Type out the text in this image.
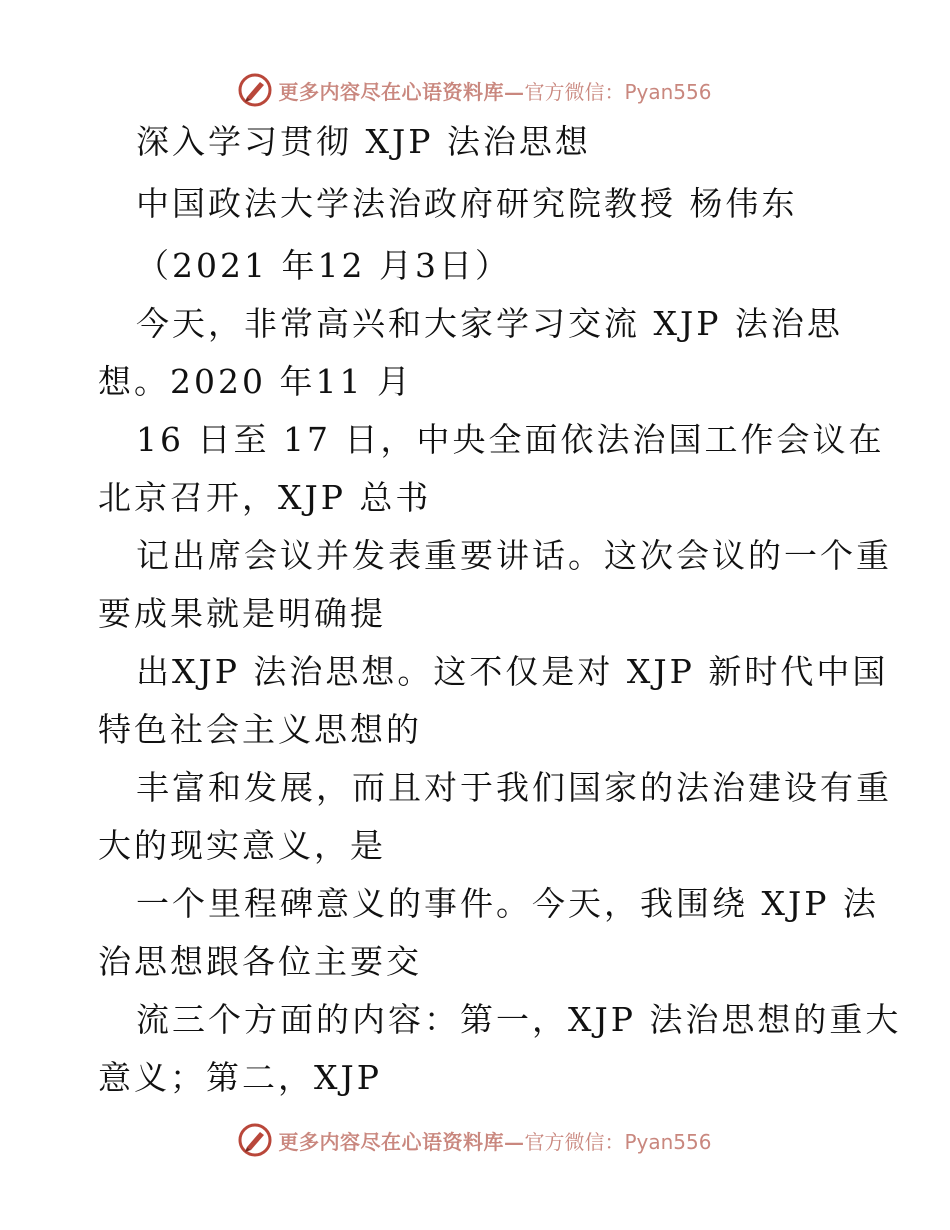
更多内容尽在心语资料库— 官方微信：Pyan556
深入学习贯彻 XJP 法治思想
中国政法大学法治政府研究院教授 杨伟东
（2021 年12 月3日）
今天，非常高兴和大家学习交流 XJP 法治思
想。2020 年11 月
16 日至 17 日，中央全面依法治国工作会议在
北京召开，XJP 总书
记出席会议并发表重要讲话。这次会议的一个重
要成果就是明确提
出XJP 法治思想。这不仅是对 XJP 新时代中国
特色社会主义思想的
丰富和发展，而且对于我们国家的法治建设有重
大的现实意义，是
一个里程碑意义的事件。今天，我围绕 XJP 法
治思想跟各位主要交
流三个方面的内容：第一，XJP 法治思想的重大
意义；第二，XJP
更多内容尽在心语资料库— 官方微信：Pyan556
